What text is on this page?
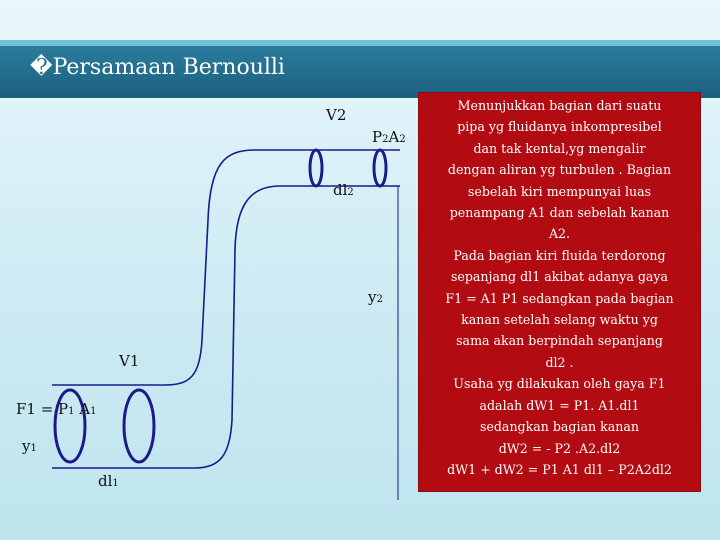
�Persamaan Bernoulli
V2
P2A2
dl2
y2
V1
F1 = P1 A1
y1
dl1
Menunjukkan bagian dari suatu
pipa yg fluidanya inkompresibel
dan tak kental,yg mengalir
dengan aliran yg turbulen . Bagian
sebelah kiri mempunyai luas
penampang A1 dan sebelah kanan
A2.
Pada bagian kiri fluida terdorong
sepanjang dl1 akibat adanya gaya
F1 = A1 P1 sedangkan pada bagian
kanan setelah selang waktu yg
sama akan berpindah sepanjang
dl2 .
Usaha yg dilakukan oleh gaya F1
adalah dW1 = P1. A1.dl1
sedangkan bagian kanan
dW2 = - P2 .A2.dl2
dW1 + dW2 = P1 A1 dl1 – P2A2dl2
